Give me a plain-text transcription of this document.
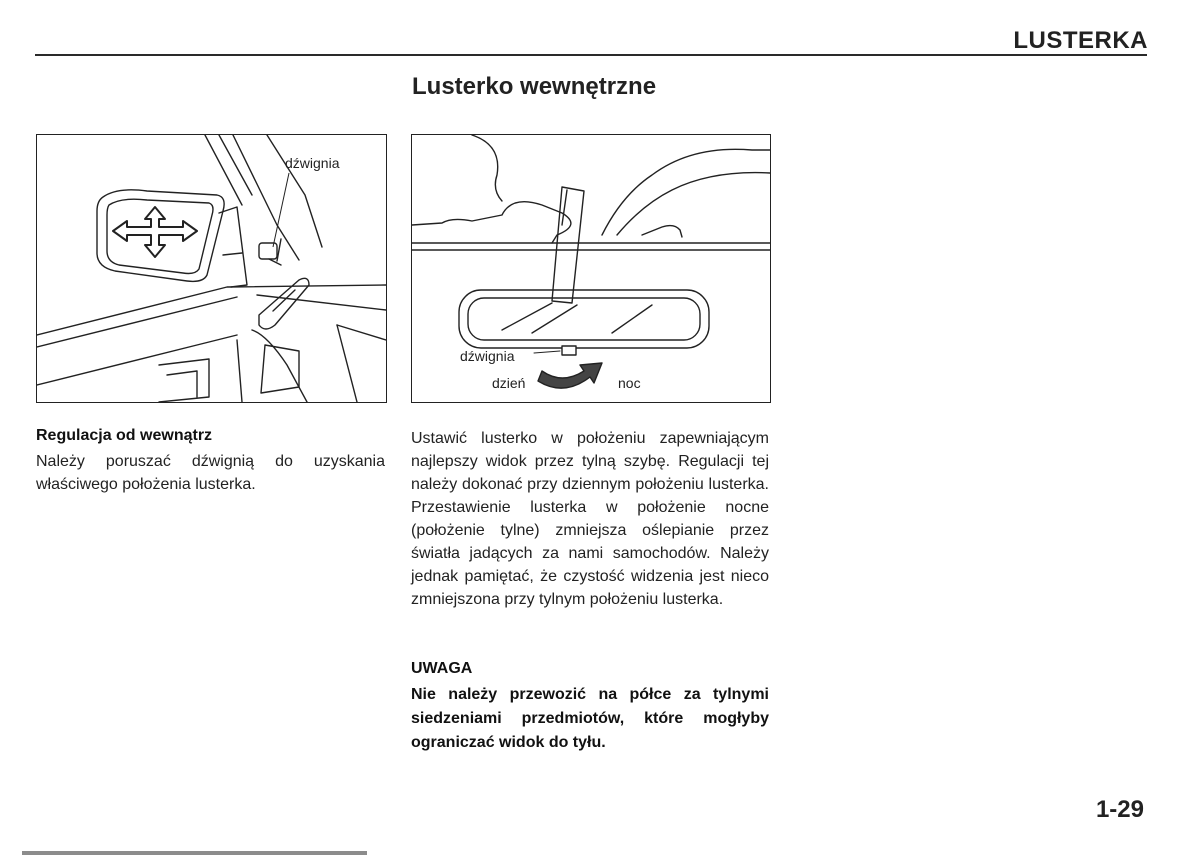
LUSTERKA
Lusterko wewnętrzne
dźwignia
dźwignia
dzień	noc
Regulacja od wewnątrz
Należy poruszać dźwignią do uzyskania właściwego położenia lusterka.
Ustawić lusterko w położeniu zapewniającym najlepszy widok przez tylną szybę. Regulacji tej należy dokonać przy dziennym położeniu lusterka. Przestawienie lusterka w położenie nocne (położenie tylne) zmniejsza oślepianie przez światła jadących za nami samochodów. Należy jednak pamiętać, że czystość widzenia jest nieco zmniejszona przy tylnym położeniu lusterka.
UWAGA
Nie należy przewozić na półce za tylnymi siedzeniami przedmiotów, które mogłyby ograniczać widok do tyłu.
1-29
